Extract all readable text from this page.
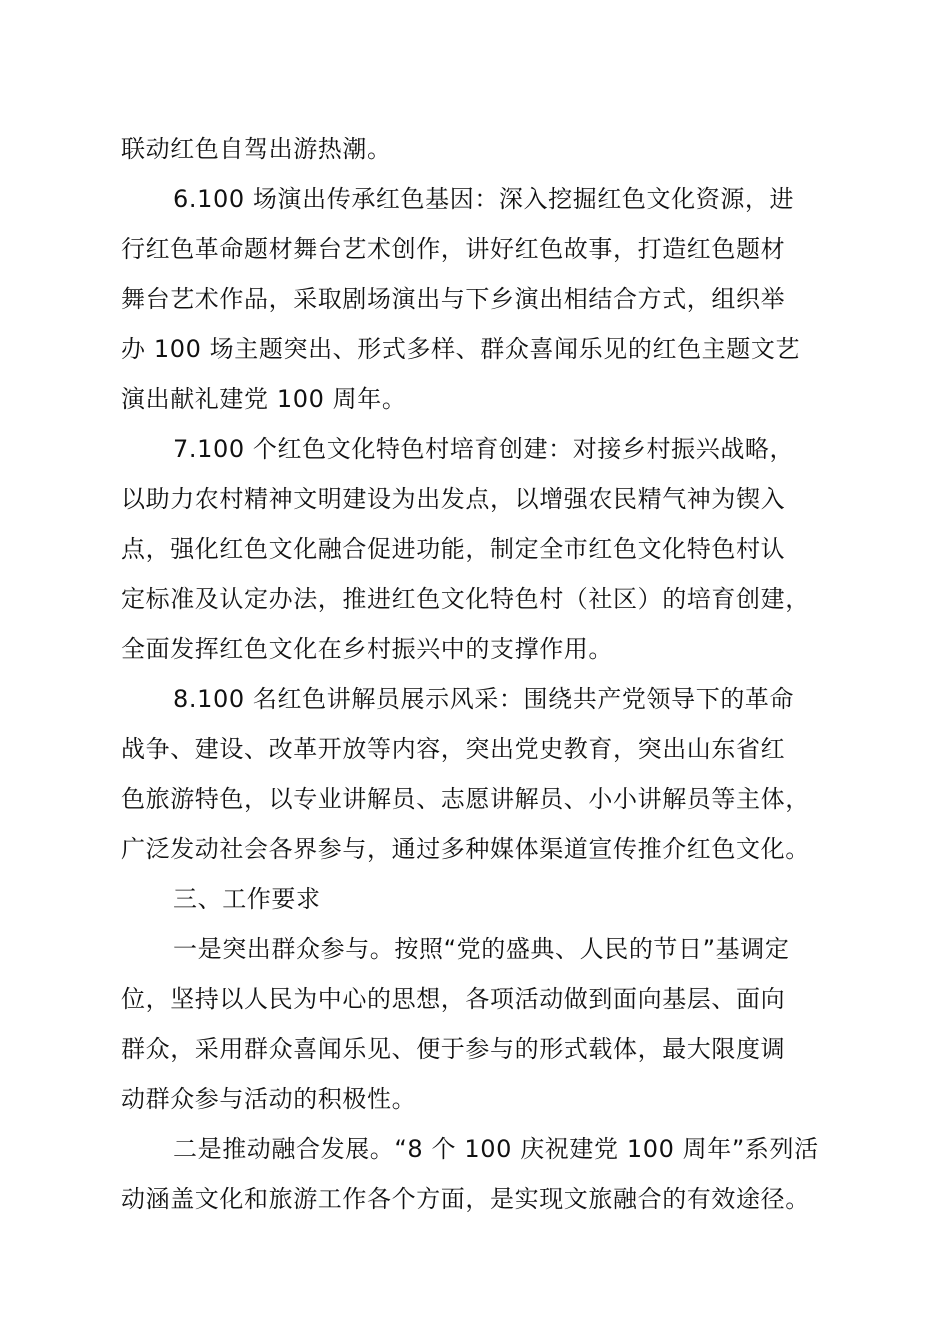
联动红色自驾出游热潮。
6.100 场演出传承红色基因：深入挖掘红色文化资源，进
行红色革命题材舞台艺术创作，讲好红色故事，打造红色题材
舞台艺术作品，采取剧场演出与下乡演出相结合方式，组织举
办 100 场主题突出、形式多样、群众喜闻乐见的红色主题文艺
演出献礼建党 100 周年。
7.100 个红色文化特色村培育创建：对接乡村振兴战略，
以助力农村精神文明建设为出发点，以增强农民精气神为锲入
点，强化红色文化融合促进功能，制定全市红色文化特色村认
定标准及认定办法，推进红色文化特色村（社区）的培育创建，
全面发挥红色文化在乡村振兴中的支撑作用。
8.100 名红色讲解员展示风采：围绕共产党领导下的革命
战争、建设、改革开放等内容，突出党史教育，突出山东省红
色旅游特色，以专业讲解员、志愿讲解员、小小讲解员等主体，
广泛发动社会各界参与，通过多种媒体渠道宣传推介红色文化。
三、工作要求
一是突出群众参与。按照“党的盛典、人民的节日”基调定
位，坚持以人民为中心的思想，各项活动做到面向基层、面向
群众，采用群众喜闻乐见、便于参与的形式载体，最大限度调
动群众参与活动的积极性。
二是推动融合发展。“8 个 100 庆祝建党 100 周年”系列活
动涵盖文化和旅游工作各个方面，是实现文旅融合的有效途径。
